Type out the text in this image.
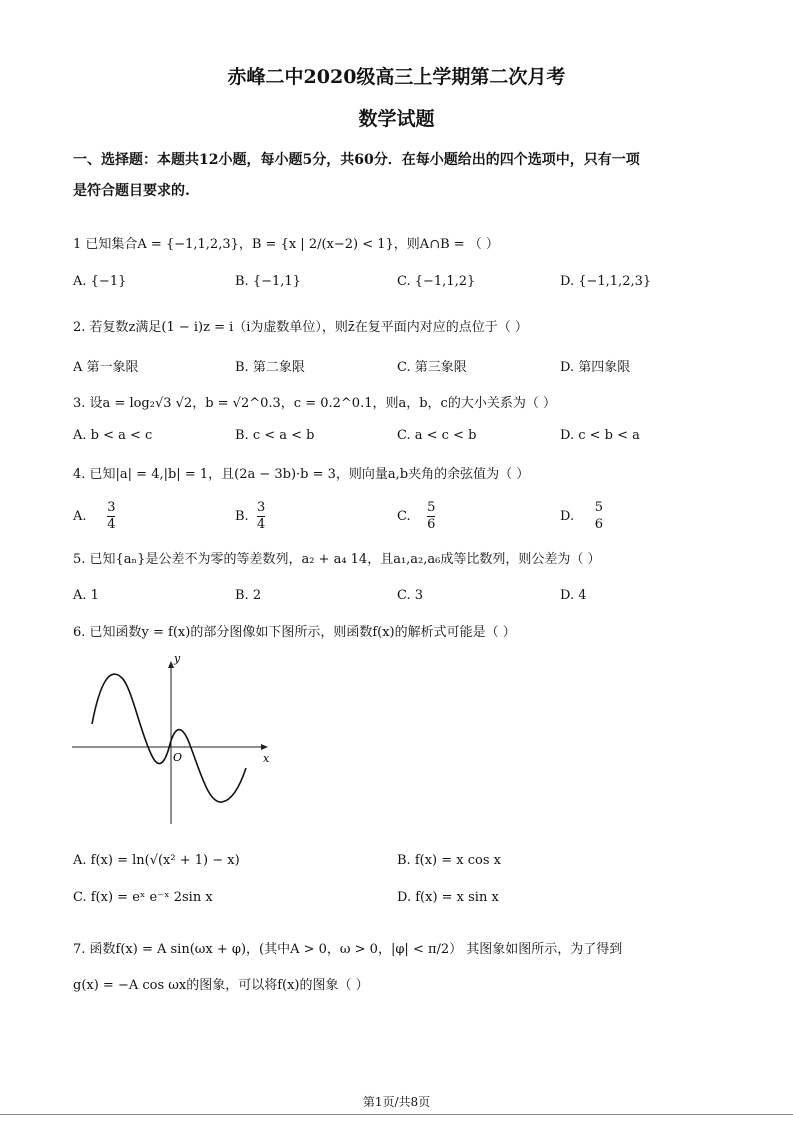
赤峰二中2020级高三上学期第二次月考
数学试题
一、选择题：本题共12小题，每小题5分，共60分．在每小题给出的四个选项中，只有一项
是符合题目要求的.
1 已知集合A = {−1,1,2,3}，B = {x | 2/(x−2) < 1}，则A∩B = （ ）
A. {−1}	B. {−1,1}	C. {−1,1,2}	D. {−1,1,2,3}
2. 若复数z满足(1 − i)z = i（i为虚数单位），则z̄在复平面内对应的点位于（ ）
A 第一象限	B. 第二象限	C. 第三象限	D. 第四象限
3. 设a = log₂√3 √2，b = √2^0.3，c = 0.2^0.1，则a，b，c的大小关系为（ ）
A. b < a < c	B. c < a < b	C. a < c < b	D. c < b < a
4. 已知|a| = 4,|b| = 1，且(2a − 3b)·b = 3，则向量a,b夹角的余弦值为（ ）
A. $\frac{3}{4}$	B. $\frac{3}{4}$	C. $\frac{5}{6}$	D.
5
6
5. 已知{aₙ}是公差不为零的等差数列，a₂ + a₄ 14，且a₁,a₂,a₆成等比数列，则公差为（ ）
A. 1	B. 2	C. 3	D. 4
6. 已知函数y = f(x)的部分图像如下图所示，则函数f(x)的解析式可能是（ ）
y
x
O
A. f(x) = ln(√(x² + 1) − x)	B. f(x) = x cos x
C. f(x) = eˣ e⁻ˣ 2sin x	D. f(x) = x sin x
7. 函数f(x) = A sin(ωx + φ)，(其中A > 0，ω > 0，|φ| < π/2） 其图象如图所示，为了得到
g(x) = −A cos ωx的图象，可以将f(x)的图象（ ）
第1页/共8页
